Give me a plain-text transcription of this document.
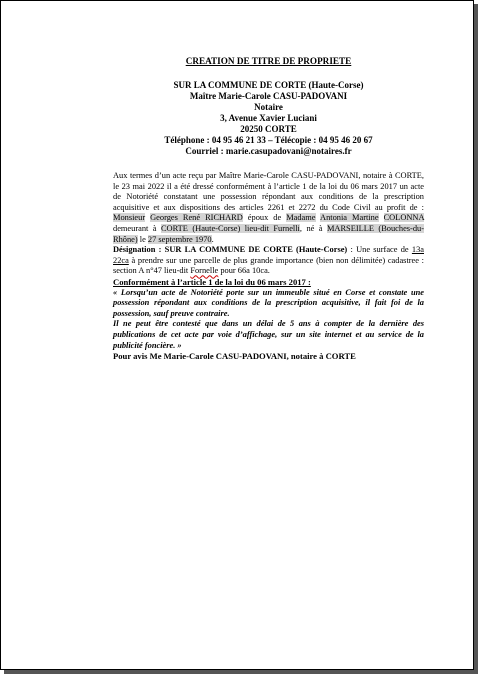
CREATION DE TITRE DE PROPRIETE
SUR LA COMMUNE DE CORTE (Haute-Corse)
Maître Marie-Carole CASU-PADOVANI
Notaire
3, Avenue Xavier Luciani
20250 CORTE
Téléphone : 04 95 46 21 33 – Télécopie : 04 95 46 20 67
Courriel : marie.casupadovani@notaires.fr
Aux termes d’un acte reçu par Maître Marie-Carole CASU-PADOVANI, notaire à CORTE, le 23 mai 2022 il a été dressé conformément à l’article 1 de la loi du 06 mars 2017 un acte de Notoriété constatant une possession répondant aux conditions de la prescription acquisitive et aux dispositions des articles 2261 et 2272 du Code Civil au profit de : Monsieur Georges René RICHARD époux de Madame Antonia Martine COLONNA demeurant à CORTE (Haute-Corse) lieu-dit Furnelli, né à MARSEILLE (Bouches-du-Rhône) le 27 septembre 1970.
Désignation : SUR LA COMMUNE DE CORTE (Haute-Corse) : Une surface de 13a 22ca à prendre sur une parcelle de plus grande importance (bien non délimitée) cadastree : section A n°47 lieu-dit Fornelle pour 66a 10ca.
Conformément à l’article 1 de la loi du 06 mars 2017 :
« Lorsqu’un acte de Notoriété porte sur un immeuble situé en Corse et constate une possession répondant aux conditions de la prescription acquisitive, il fait foi de la possession, sauf preuve contraire.
Il ne peut être contesté que dans un délai de 5 ans à compter de la dernière des publications de cet acte par voie d’affichage, sur un site internet et au service de la publicité foncière. »
Pour avis Me Marie-Carole CASU-PADOVANI, notaire à CORTE
